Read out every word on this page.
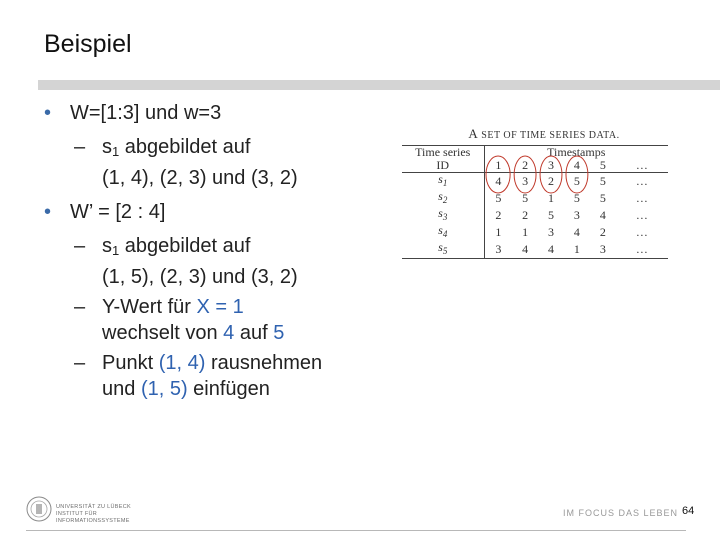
Beispiel
• W=[1:3] und w=3
– $s_1$ abgebildet auf
(1, 4), (2, 3) und (3, 2)
• W’ = [2 : 4]
– $s_1$ abgebildet auf
(1, 5), (2, 3) und (3, 2)
– Y-Wert für X = 1
wechselt von 4 auf 5
– Punkt (1, 4) rausnehmen
und (1, 5) einfügen
A SET OF TIME SERIES DATA.
Time series	Timestamps					
ID	1	2	3	4	5	…
$s_1$	4	3	2	5	5	…
$s_2$	5	5	1	5	5	…
$s_3$	2	2	5	3	4	…
$s_4$	1	1	3	4	2	…
$s_5$	3	4	4	1	3	…
UNIVERSITÄT ZU LÜBECK
INSTITUT FÜR INFORMATIONSSYSTEME
IM FOCUS DAS LEBEN 64
